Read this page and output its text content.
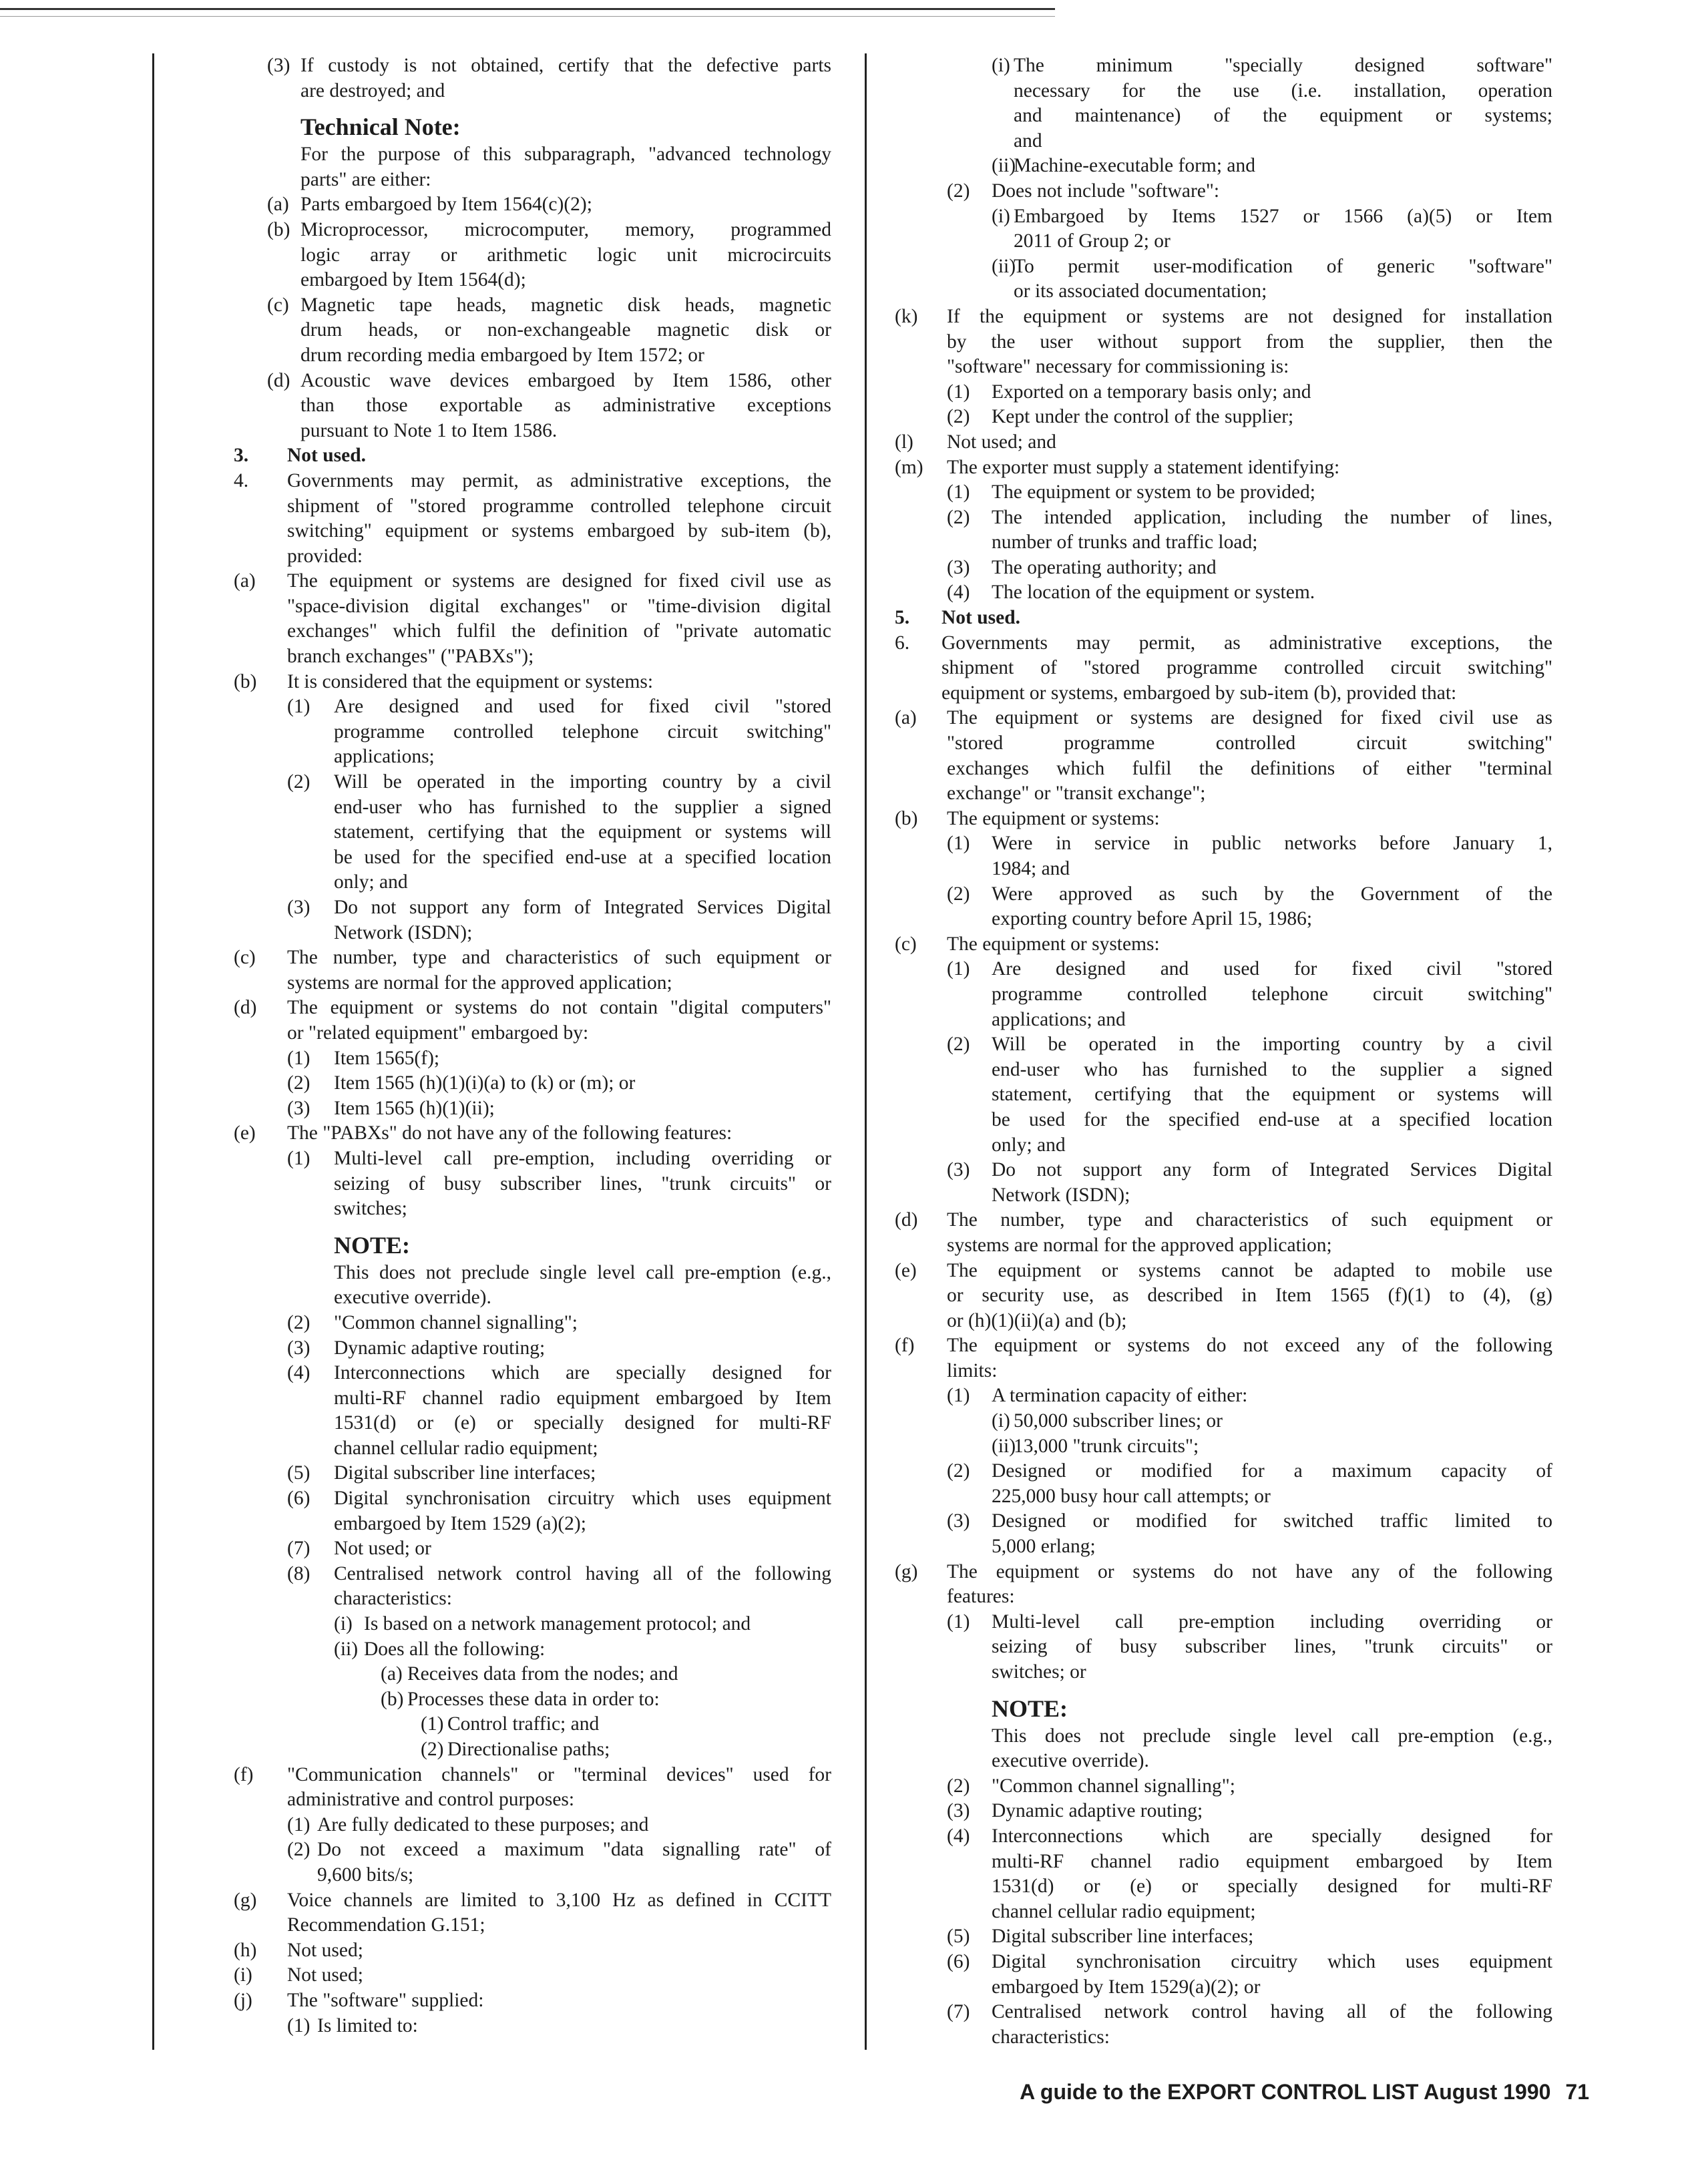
(3) If custody is not obtained, certify that the defective parts
are destroyed; and
Technical Note:
For the purpose of this subparagraph, "advanced technology
parts" are either:
(a) Parts embargoed by Item 1564(c)(2);
(b) Microprocessor, microcomputer, memory, programmed
logic array or arithmetic logic unit microcircuits
embargoed by Item 1564(d);
(c) Magnetic tape heads, magnetic disk heads, magnetic
drum heads, or non-exchangeable magnetic disk or
drum recording media embargoed by Item 1572; or
(d) Acoustic wave devices embargoed by Item 1586, other
than those exportable as administrative exceptions
pursuant to Note 1 to Item 1586.
3. Not used.
4. Governments may permit, as administrative exceptions, the
shipment of "stored programme controlled telephone circuit
switching" equipment or systems embargoed by sub-item (b),
provided:
(a) The equipment or systems are designed for fixed civil use as
"space-division digital exchanges" or "time-division digital
exchanges" which fulfil the definition of "private automatic
branch exchanges" ("PABXs");
(b) It is considered that the equipment or systems:
(1) Are designed and used for fixed civil "stored
programme controlled telephone circuit switching"
applications;
(2) Will be operated in the importing country by a civil
end-user who has furnished to the supplier a signed
statement, certifying that the equipment or systems will
be used for the specified end-use at a specified location
only; and
(3) Do not support any form of Integrated Services Digital
Network (ISDN);
(c) The number, type and characteristics of such equipment or
systems are normal for the approved application;
(d) The equipment or systems do not contain "digital computers"
or "related equipment" embargoed by:
(1) Item 1565(f);
(2) Item 1565 (h)(1)(i)(a) to (k) or (m); or
(3) Item 1565 (h)(1)(ii);
(e) The "PABXs" do not have any of the following features:
(1) Multi-level call pre-emption, including overriding or
seizing of busy subscriber lines, "trunk circuits" or
switches;
NOTE:
This does not preclude single level call pre-emption (e.g.,
executive override).
(2) "Common channel signalling";
(3) Dynamic adaptive routing;
(4) Interconnections which are specially designed for
multi-RF channel radio equipment embargoed by Item
1531(d) or (e) or specially designed for multi-RF
channel cellular radio equipment;
(5) Digital subscriber line interfaces;
(6) Digital synchronisation circuitry which uses equipment
embargoed by Item 1529 (a)(2);
(7) Not used; or
(8) Centralised network control having all of the following
characteristics:
(i) Is based on a network management protocol; and
(ii) Does all the following:
(a) Receives data from the nodes; and
(b) Processes these data in order to:
(1) Control traffic; and
(2) Directionalise paths;
(f) "Communication channels" or "terminal devices" used for
administrative and control purposes:
(1) Are fully dedicated to these purposes; and
(2) Do not exceed a maximum "data signalling rate" of
9,600 bits/s;
(g) Voice channels are limited to 3,100 Hz as defined in CCITT
Recommendation G.151;
(h) Not used;
(i) Not used;
(j) The "software" supplied:
(1) Is limited to:
(i) The minimum "specially designed software"
necessary for the use (i.e. installation, operation
and maintenance) of the equipment or systems;
and
(ii)
Machine-executable form; and
(2) Does not include "software":
(i) Embargoed by Items 1527 or 1566 (a)(5) or Item
2011 of Group 2; or
(ii)
To permit user-modification of generic "software"
or its associated documentation;
(k) If the equipment or systems are not designed for installation
by the user without support from the supplier, then the
"software" necessary for commissioning is:
(1) Exported on a temporary basis only; and
(2) Kept under the control of the supplier;
(l) Not used; and
(m) The exporter must supply a statement identifying:
(1) The equipment or system to be provided;
(2) The intended application, including the number of lines,
number of trunks and traffic load;
(3) The operating authority; and
(4) The location of the equipment or system.
5. Not used.
6. Governments may permit, as administrative exceptions, the
shipment of "stored programme controlled circuit switching"
equipment or systems, embargoed by sub-item (b), provided that:
(a) The equipment or systems are designed for fixed civil use as
"stored programme controlled circuit switching"
exchanges which fulfil the definitions of either "terminal
exchange" or "transit exchange";
(b) The equipment or systems:
(1) Were in service in public networks before January 1,
1984; and
(2) Were approved as such by the Government of the
exporting country before April 15, 1986;
(c) The equipment or systems:
(1) Are designed and used for fixed civil "stored
programme controlled telephone circuit switching"
applications; and
(2) Will be operated in the importing country by a civil
end-user who has furnished to the supplier a signed
statement, certifying that the equipment or systems will
be used for the specified end-use at a specified location
only; and
(3) Do not support any form of Integrated Services Digital
Network (ISDN);
(d) The number, type and characteristics of such equipment or
systems are normal for the approved application;
(e) The equipment or systems cannot be adapted to mobile use
or security use, as described in Item 1565 (f)(1) to (4), (g)
or (h)(1)(ii)(a) and (b);
(f) The equipment or systems do not exceed any of the following
limits:
(1) A termination capacity of either:
(i) 50,000 subscriber lines; or
(ii)
13,000 "trunk circuits";
(2) Designed or modified for a maximum capacity of
225,000 busy hour call attempts; or
(3) Designed or modified for switched traffic limited to
5,000 erlang;
(g) The equipment or systems do not have any of the following
features:
(1) Multi-level call pre-emption including overriding or
seizing of busy subscriber lines, "trunk circuits" or
switches; or
NOTE:
This does not preclude single level call pre-emption (e.g.,
executive override).
(2) "Common channel signalling";
(3) Dynamic adaptive routing;
(4) Interconnections which are specially designed for
multi-RF channel radio equipment embargoed by Item
1531(d) or (e) or specially designed for multi-RF
channel cellular radio equipment;
(5) Digital subscriber line interfaces;
(6) Digital synchronisation circuitry which uses equipment
embargoed by Item 1529(a)(2); or
(7) Centralised network control having all of the following
characteristics:
A guide to the EXPORT CONTROL LIST August 1990 71
